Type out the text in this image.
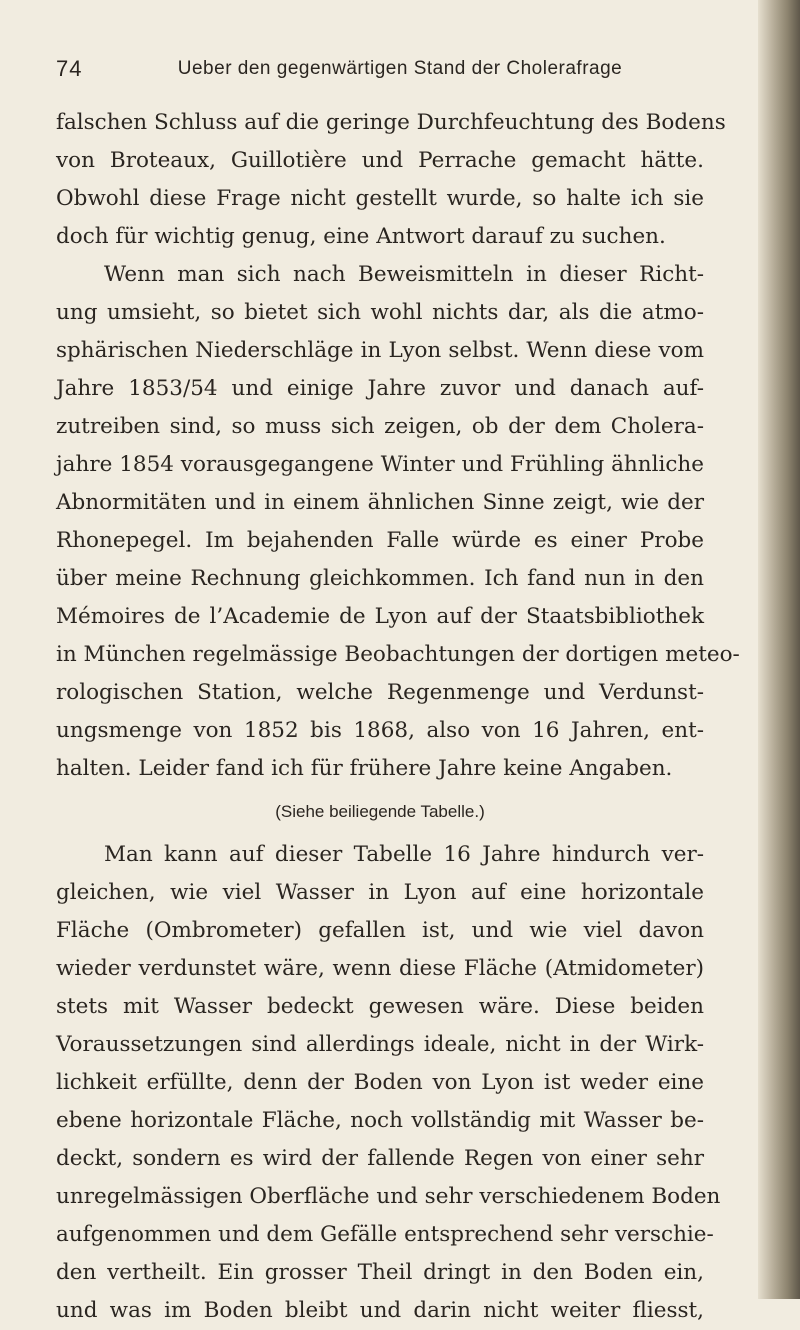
74	Ueber den gegenwärtigen Stand der Cholerafrage
falschen Schluss auf die geringe Durchfeuchtung des Bodens
von Broteaux, Guillotière und Perrache gemacht hätte.
Obwohl diese Frage nicht gestellt wurde, so halte ich sie
doch für wichtig genug, eine Antwort darauf zu suchen.
Wenn man sich nach Beweismitteln in dieser Richt-
ung umsieht, so bietet sich wohl nichts dar, als die atmo-
sphärischen Niederschläge in Lyon selbst. Wenn diese vom
Jahre 1853/54 und einige Jahre zuvor und danach auf-
zutreiben sind, so muss sich zeigen, ob der dem Cholera-
jahre 1854 vorausgegangene Winter und Frühling ähnliche
Abnormitäten und in einem ähnlichen Sinne zeigt, wie der
Rhonepegel. Im bejahenden Falle würde es einer Probe
über meine Rechnung gleichkommen. Ich fand nun in den
Mémoires de l’Academie de Lyon auf der Staatsbibliothek
in München regelmässige Beobachtungen der dortigen meteo-
rologischen Station, welche Regenmenge und Verdunst-
ungsmenge von 1852 bis 1868, also von 16 Jahren, ent-
halten. Leider fand ich für frühere Jahre keine Angaben.
(Siehe beiliegende Tabelle.)
Man kann auf dieser Tabelle 16 Jahre hindurch ver-
gleichen, wie viel Wasser in Lyon auf eine horizontale
Fläche (Ombrometer) gefallen ist, und wie viel davon
wieder verdunstet wäre, wenn diese Fläche (Atmidometer)
stets mit Wasser bedeckt gewesen wäre. Diese beiden
Voraussetzungen sind allerdings ideale, nicht in der Wirk-
lichkeit erfüllte, denn der Boden von Lyon ist weder eine
ebene horizontale Fläche, noch vollständig mit Wasser be-
deckt, sondern es wird der fallende Regen von einer sehr
unregelmässigen Oberfläche und sehr verschiedenem Boden
aufgenommen und dem Gefälle entsprechend sehr verschie-
den vertheilt. Ein grosser Theil dringt in den Boden ein,
und was im Boden bleibt und darin nicht weiter fliesst,
